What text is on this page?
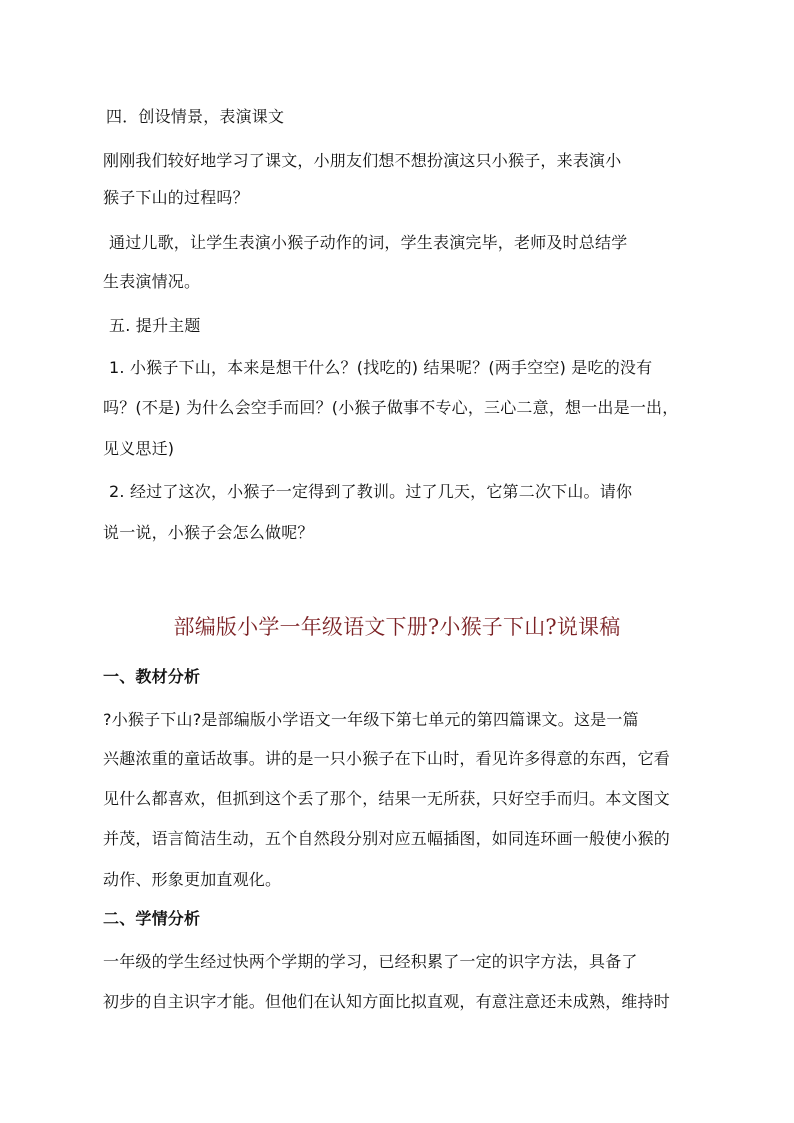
四．创设情景，表演课文
刚刚我们较好地学习了课文，小朋友们想不想扮演这只小猴子，来表演小
猴子下山的过程吗？
通过儿歌，让学生表演小猴子动作的词，学生表演完毕，老师及时总结学
生表演情况。
五. 提升主题
1. 小猴子下山，本来是想干什么？(找吃的) 结果呢？(两手空空) 是吃的没有
吗？(不是) 为什么会空手而回？(小猴子做事不专心，三心二意，想一出是一出，
见义思迁)
2. 经过了这次，小猴子一定得到了教训。过了几天，它第二次下山。请你
说一说，小猴子会怎么做呢？
部编版小学一年级语文下册?小猴子下山?说课稿
一、教材分析
?小猴子下山?是部编版小学语文一年级下第七单元的第四篇课文。这是一篇
兴趣浓重的童话故事。讲的是一只小猴子在下山时，看见许多得意的东西，它看
见什么都喜欢，但抓到这个丢了那个，结果一无所获，只好空手而归。本文图文
并茂，语言简洁生动，五个自然段分别对应五幅插图，如同连环画一般使小猴的
动作、形象更加直观化。
二、学情分析
一年级的学生经过快两个学期的学习，已经积累了一定的识字方法，具备了
初步的自主识字才能。但他们在认知方面比拟直观，有意注意还未成熟，维持时
